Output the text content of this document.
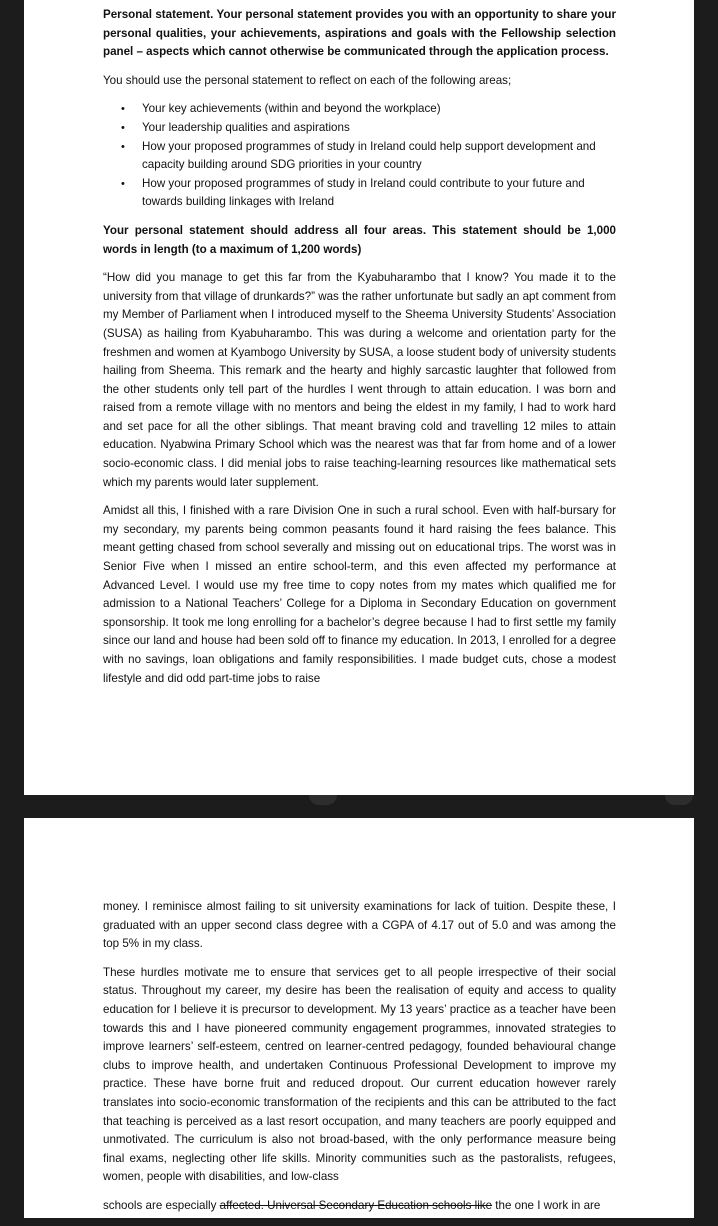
Personal statement. Your personal statement provides you with an opportunity to share your personal qualities, your achievements, aspirations and goals with the Fellowship selection panel – aspects which cannot otherwise be communicated through the application process.

You should use the personal statement to reflect on each of the following areas;

• Your key achievements (within and beyond the workplace)
• Your leadership qualities and aspirations
• How your proposed programmes of study in Ireland could help support development and capacity building around SDG priorities in your country
• How your proposed programmes of study in Ireland could contribute to your future and towards building linkages with Ireland

Your personal statement should address all four areas. This statement should be 1,000 words in length (to a maximum of 1,200 words)

“How did you manage to get this far from the Kyabuharambo that I know? You made it to the university from that village of drunkards?” was the rather unfortunate but sadly an apt comment from my Member of Parliament when I introduced myself to the Sheema University Students’ Association (SUSA) as hailing from Kyabuharambo. This was during a welcome and orientation party for the freshmen and women at Kyambogo University by SUSA, a loose student body of university students hailing from Sheema. This remark and the hearty and highly sarcastic laughter that followed from the other students only tell part of the hurdles I went through to attain education. I was born and raised from a remote village with no mentors and being the eldest in my family, I had to work hard and set pace for all the other siblings. That meant braving cold and travelling 12 miles to attain education. Nyabwina Primary School which was the nearest was that far from home and of a lower socio-economic class. I did menial jobs to raise teaching-learning resources like mathematical sets which my parents would later supplement.

Amidst all this, I finished with a rare Division One in such a rural school. Even with half-bursary for my secondary, my parents being common peasants found it hard raising the fees balance. This meant getting chased from school severally and missing out on educational trips. The worst was in Senior Five when I missed an entire school-term, and this even affected my performance at Advanced Level. I would use my free time to copy notes from my mates which qualified me for admission to a National Teachers’ College for a Diploma in Secondary Education on government sponsorship. It took me long enrolling for a bachelor’s degree because I had to first settle my family since our land and house had been sold off to finance my education. In 2013, I enrolled for a degree with no savings, loan obligations and family responsibilities. I made budget cuts, chose a modest lifestyle and did odd part-time jobs to raise

money. I reminisce almost failing to sit university examinations for lack of tuition. Despite these, I graduated with an upper second class degree with a CGPA of 4.17 out of 5.0 and was among the top 5% in my class.

These hurdles motivate me to ensure that services get to all people irrespective of their social status. Throughout my career, my desire has been the realisation of equity and access to quality education for I believe it is precursor to development. My 13 years’ practice as a teacher have been towards this and I have pioneered community engagement programmes, innovated strategies to improve learners’ self-esteem, centred on learner-centred pedagogy, founded behavioural change clubs to improve health, and undertaken Continuous Professional Development to improve my practice. These have borne fruit and reduced dropout. Our current education however rarely translates into socio-economic transformation of the recipients and this can be attributed to the fact that teaching is perceived as a last resort occupation, and many teachers are poorly equipped and unmotivated. The curriculum is also not broad-based, with the only performance measure being final exams, neglecting other life skills. Minority communities such as the pastoralists, refugees, women, people with disabilities, and low-class

schools are especially affected. Universal Secondary Education schools like the one I work in are
